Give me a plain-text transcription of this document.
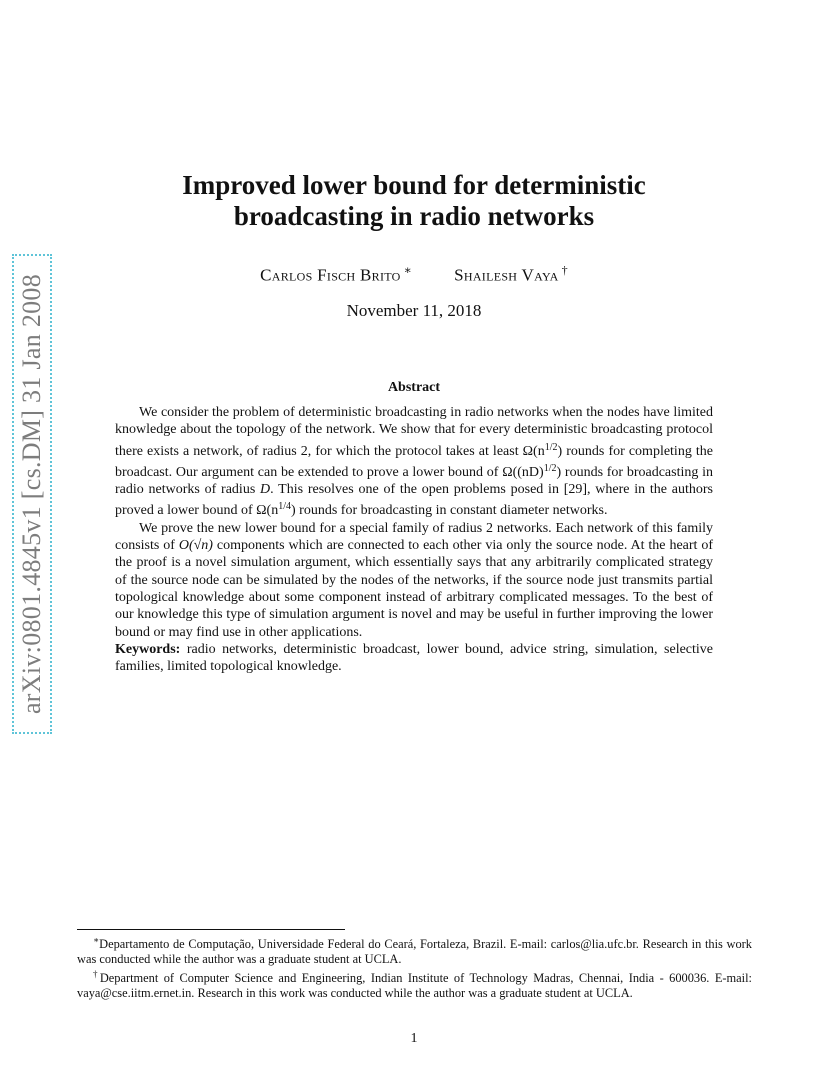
arXiv:0801.4845v1 [cs.DM] 31 Jan 2008
Improved lower bound for deterministic
broadcasting in radio networks
Carlos Fisch Brito ∗ Shailesh Vaya †
November 11, 2018
Abstract

We consider the problem of deterministic broadcasting in radio networks when the nodes have limited knowledge about the topology of the network. We show that for every deterministic broadcasting protocol there exists a network, of radius 2, for which the protocol takes at least $\Omega(n^{1/2})$ rounds for completing the broadcast. Our argument can be extended to prove a lower bound of Ω((nD)$^{1/2}$) rounds for broadcasting in radio networks of radius D. This resolves one of the open problems posed in [29], where in the authors proved a lower bound of $\Omega(n^{1/4})$ rounds for broadcasting in constant diameter networks.

We prove the new lower bound for a special family of radius 2 networks. Each network of this family consists of O(√n) components which are connected to each other via only the source node. At the heart of the proof is a novel simulation argument, which essentially says that any arbitrarily complicated strategy of the source node can be simulated by the nodes of the networks, if the source node just transmits partial topological knowledge about some component instead of arbitrary complicated messages. To the best of our knowledge this type of simulation argument is novel and may be useful in further improving the lower bound or may find use in other applications.

Keywords: radio networks, deterministic broadcast, lower bound, advice string, simulation, selective families, limited topological knowledge.

∗Departamento de Computação, Universidade Federal do Ceará, Fortaleza, Brazil. E-mail: carlos@lia.ufc.br. Research in this work was conducted while the author was a graduate student at UCLA.

†Department of Computer Science and Engineering, Indian Institute of Technology Madras, Chennai, India - 600036. E-mail: vaya@cse.iitm.ernet.in. Research in this work was conducted while the author was a graduate student at UCLA.

1
